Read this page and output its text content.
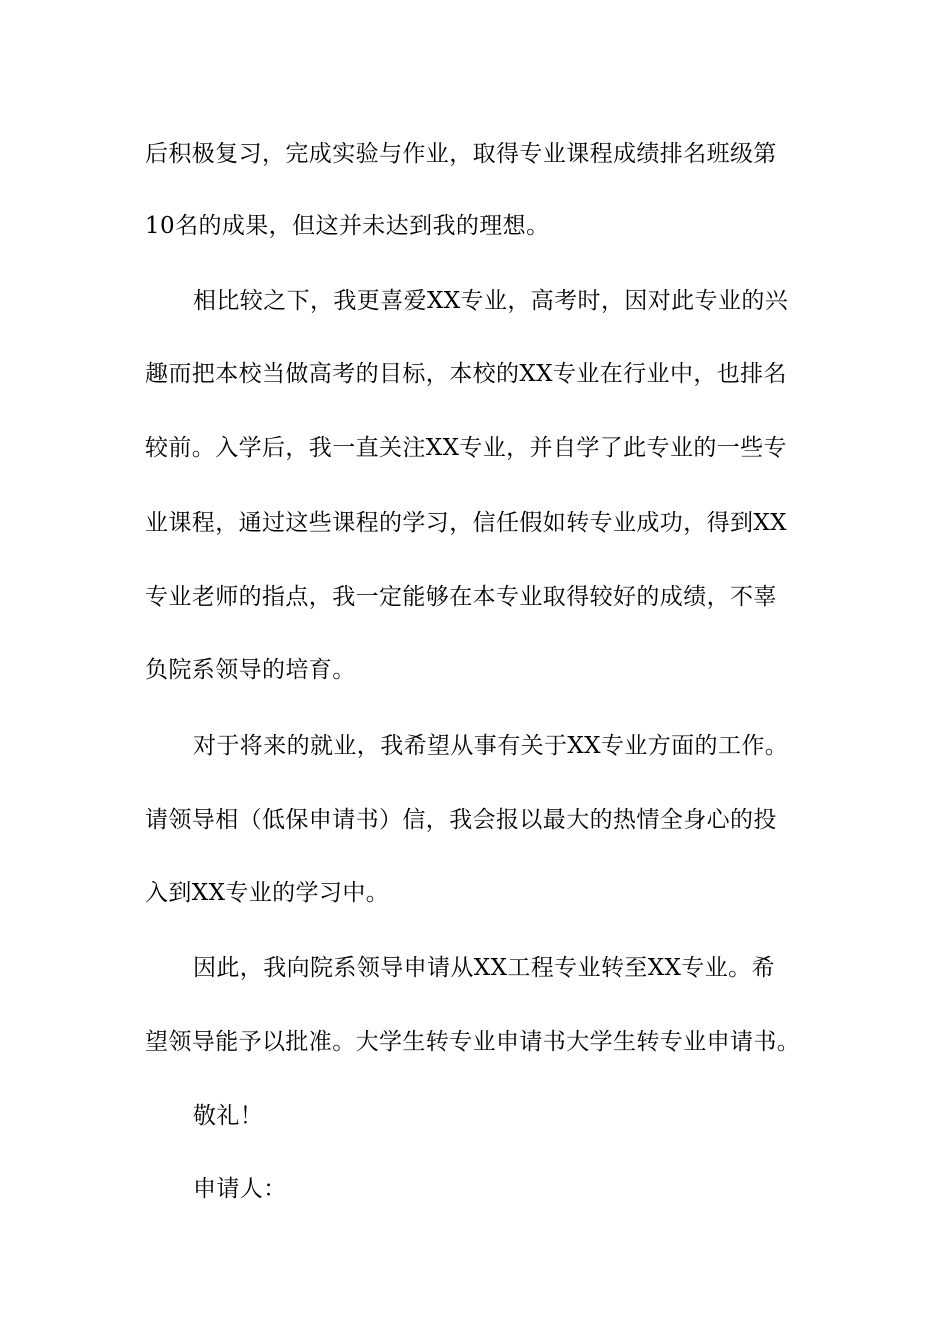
后积极复习，完成实验与作业，取得专业课程成绩排名班级第
10名的成果，但这并未达到我的理想。
相比较之下，我更喜爱XX专业，高考时，因对此专业的兴
趣而把本校当做高考的目标，本校的XX专业在行业中，也排名
较前。入学后，我一直关注XX专业，并自学了此专业的一些专
业课程，通过这些课程的学习，信任假如转专业成功，得到XX
专业老师的指点，我一定能够在本专业取得较好的成绩，不辜
负院系领导的培育。
对于将来的就业，我希望从事有关于XX专业方面的工作。
请领导相（低保申请书）信，我会报以最大的热情全身心的投
入到XX专业的学习中。
因此，我向院系领导申请从XX工程专业转至XX专业。希
望领导能予以批准。大学生转专业申请书大学生转专业申请书。
敬礼！
申请人：
